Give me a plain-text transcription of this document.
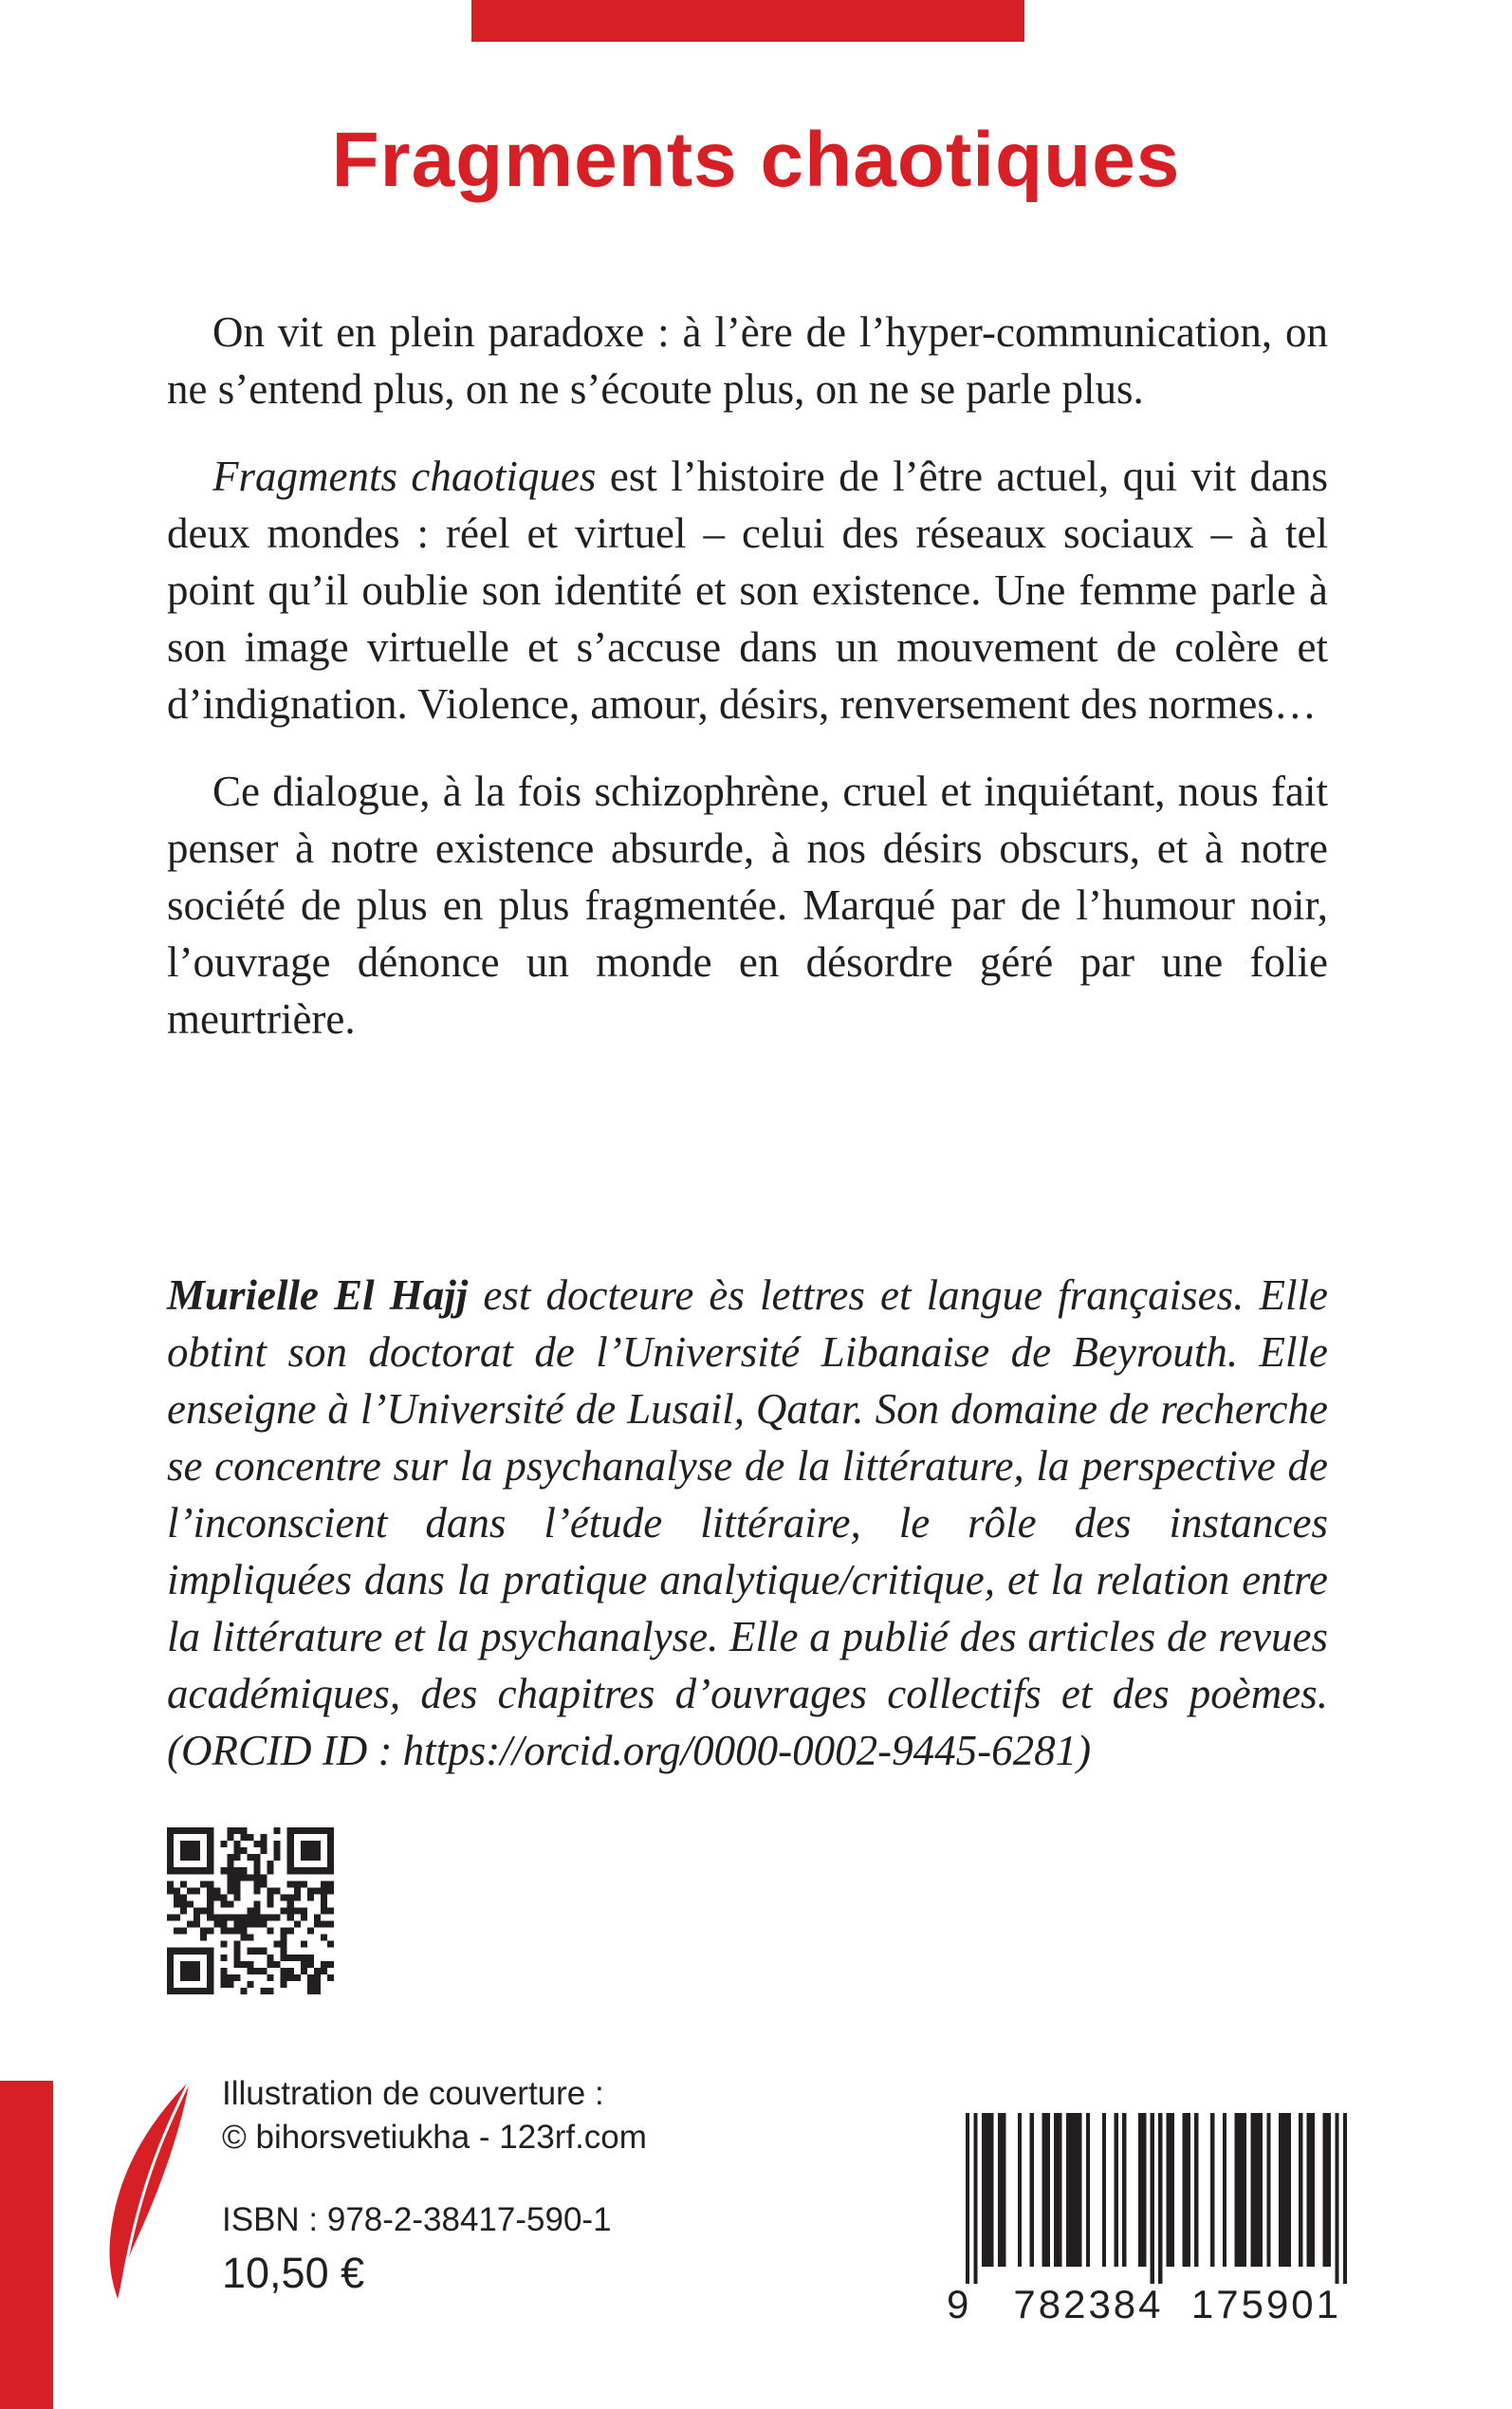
Fragments chaotiques

On vit en plein paradoxe : à l’ère de l’hyper-communication, on ne s’entend plus, on ne s’écoute plus, on ne se parle plus.

Fragments chaotiques est l’histoire de l’être actuel, qui vit dans deux mondes : réel et virtuel – celui des réseaux sociaux – à tel point qu’il oublie son identité et son existence. Une femme parle à son image virtuelle et s’accuse dans un mouvement de colère et d’indignation. Violence, amour, désirs, renversement des normes…

Ce dialogue, à la fois schizophrène, cruel et inquiétant, nous fait penser à notre existence absurde, à nos désirs obscurs, et à notre société de plus en plus fragmentée. Marqué par de l’humour noir, l’ouvrage dénonce un monde en désordre géré par une folie meurtrière.

Murielle El Hajj est docteure ès lettres et langue françaises. Elle obtint son doctorat de l’Université Libanaise de Beyrouth. Elle enseigne à l’Université de Lusail, Qatar. Son domaine de recherche se concentre sur la psychanalyse de la littérature, la perspective de l’inconscient dans l’étude littéraire, le rôle des instances impliquées dans la pratique analytique/critique, et la relation entre la littérature et la psychanalyse. Elle a publié des articles de revues académiques, des chapitres d’ouvrages collectifs et des poèmes. (ORCID ID : https://orcid.org/0000-0002-9445-6281)

Illustration de couverture :
© bihorsvetiukha - 123rf.com
ISBN : 978-2-38417-590-1
10,50 €
9 782384 175901
